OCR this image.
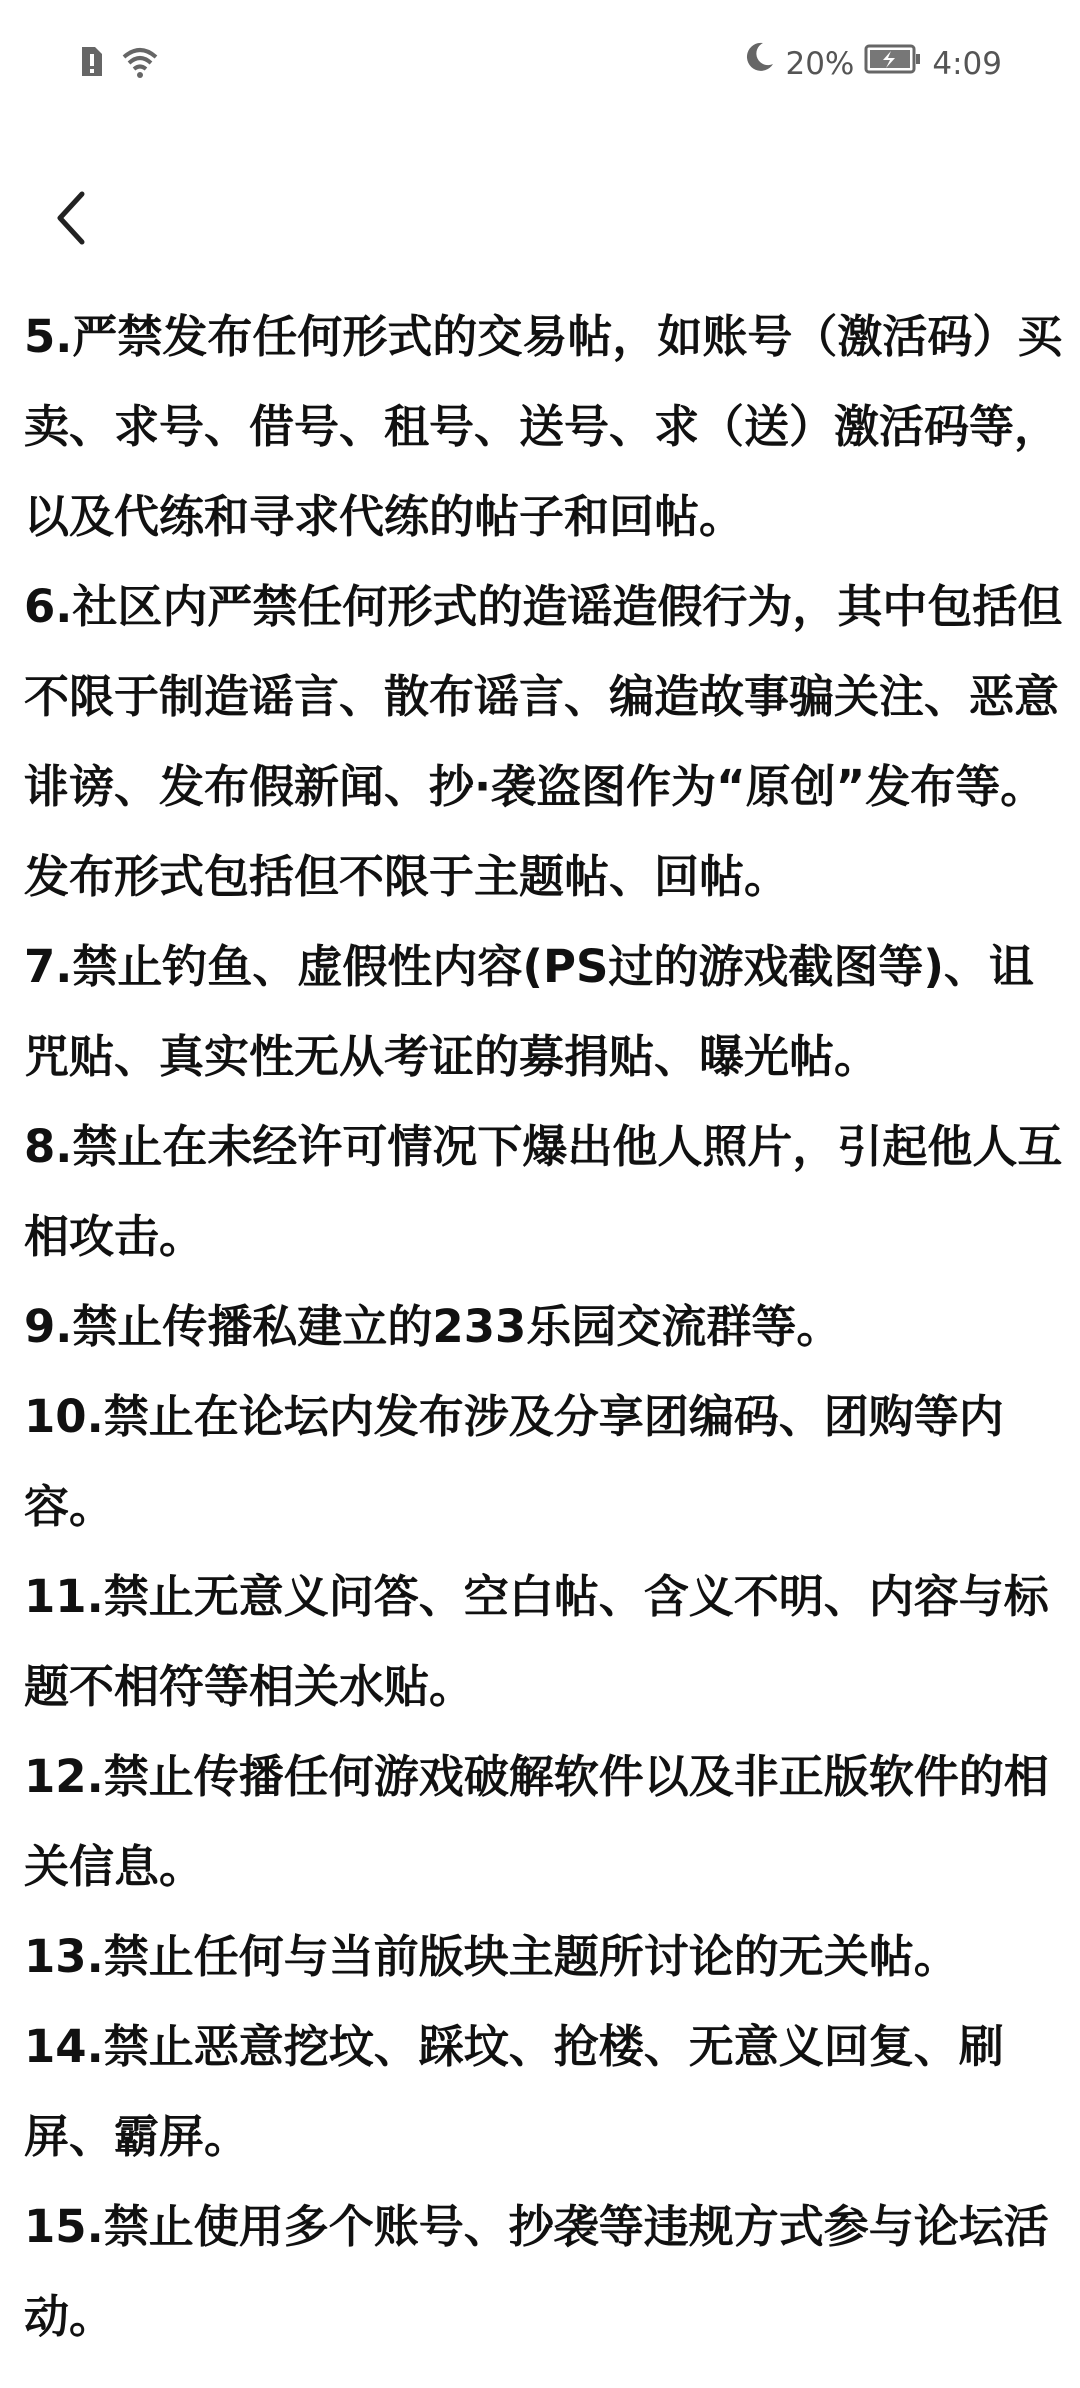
20%	4:09

5.严禁发布任何形式的交易帖，如账号（激活码）买卖、求号、借号、租号、送号、求（送）激活码等，以及代练和寻求代练的帖子和回帖。

6.社区内严禁任何形式的造谣造假行为，其中包括但不限于制造谣言、散布谣言、编造故事骗关注、恶意诽谤、发布假新闻、抄·袭盗图作为“原创”发布等。发布形式包括但不限于主题帖、回帖。

7.禁止钓鱼、虚假性内容(PS过的游戏截图等)、诅咒贴、真实性无从考证的募捐贴、曝光帖。

8.禁止在未经许可情况下爆出他人照片，引起他人互相攻击。

9.禁止传播私建立的233乐园交流群等。

10.禁止在论坛内发布涉及分享团编码、团购等内容。

11.禁止无意义问答、空白帖、含义不明、内容与标题不相符等相关水贴。

12.禁止传播任何游戏破解软件以及非正版软件的相关信息。

13.禁止任何与当前版块主题所讨论的无关帖。

14.禁止恶意挖坟、踩坟、抢楼、无意义回复、刷屏、霸屏。

15.禁止使用多个账号、抄袭等违规方式参与论坛活动。
